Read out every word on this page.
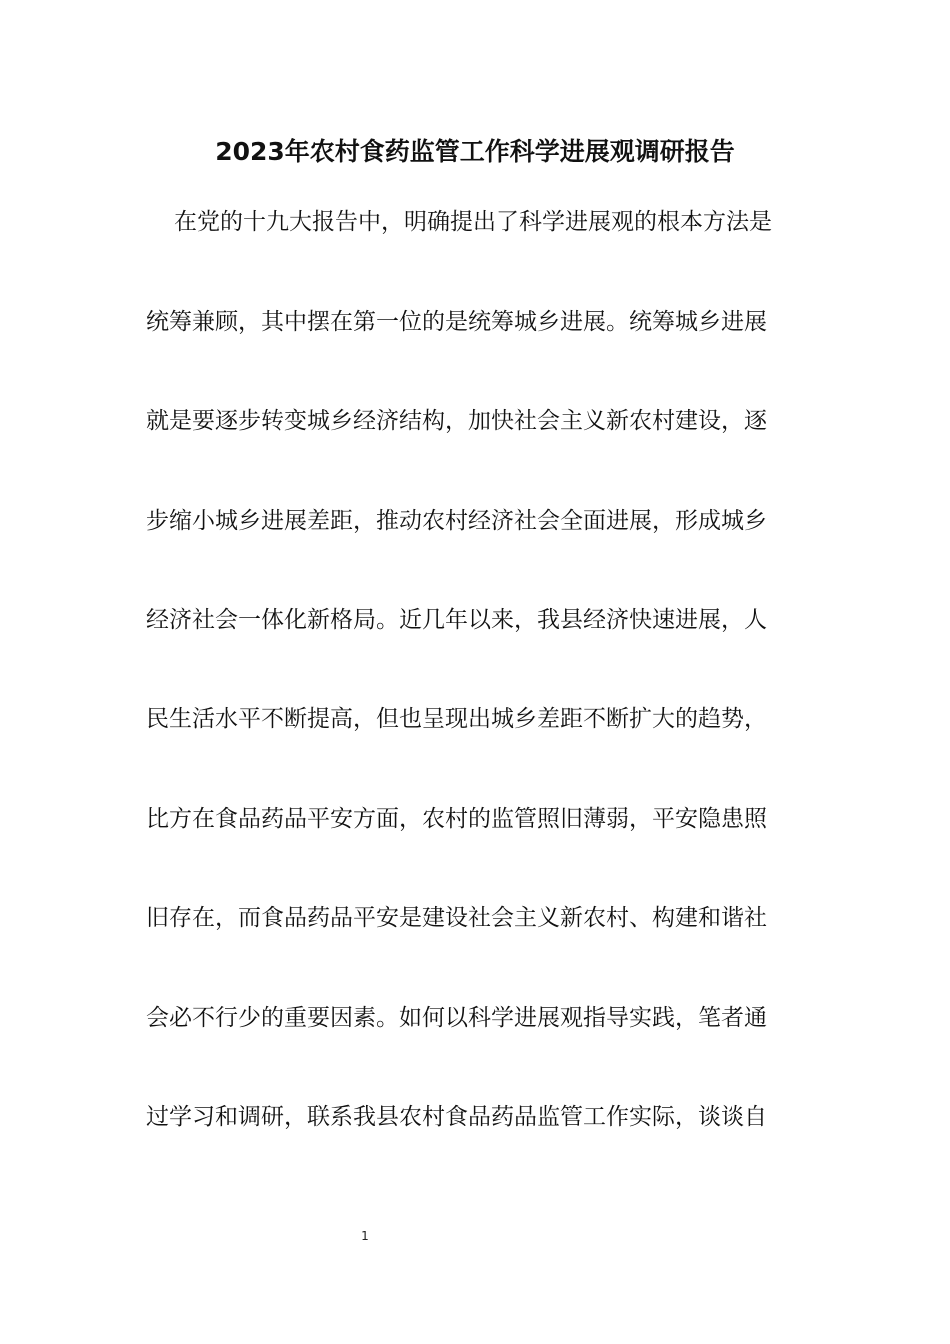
2023年农村食药监管工作科学进展观调研报告

在党的十九大报告中，明确提出了科学进展观的根本方法是

统筹兼顾，其中摆在第一位的是统筹城乡进展。统筹城乡进展

就是要逐步转变城乡经济结构，加快社会主义新农村建设，逐

步缩小城乡进展差距，推动农村经济社会全面进展，形成城乡

经济社会一体化新格局。近几年以来，我县经济快速进展，人

民生活水平不断提高，但也呈现出城乡差距不断扩大的趋势，

比方在食品药品平安方面，农村的监管照旧薄弱，平安隐患照

旧存在，而食品药品平安是建设社会主义新农村、构建和谐社

会必不行少的重要因素。如何以科学进展观指导实践，笔者通

过学习和调研，联系我县农村食品药品监管工作实际，谈谈自

1
